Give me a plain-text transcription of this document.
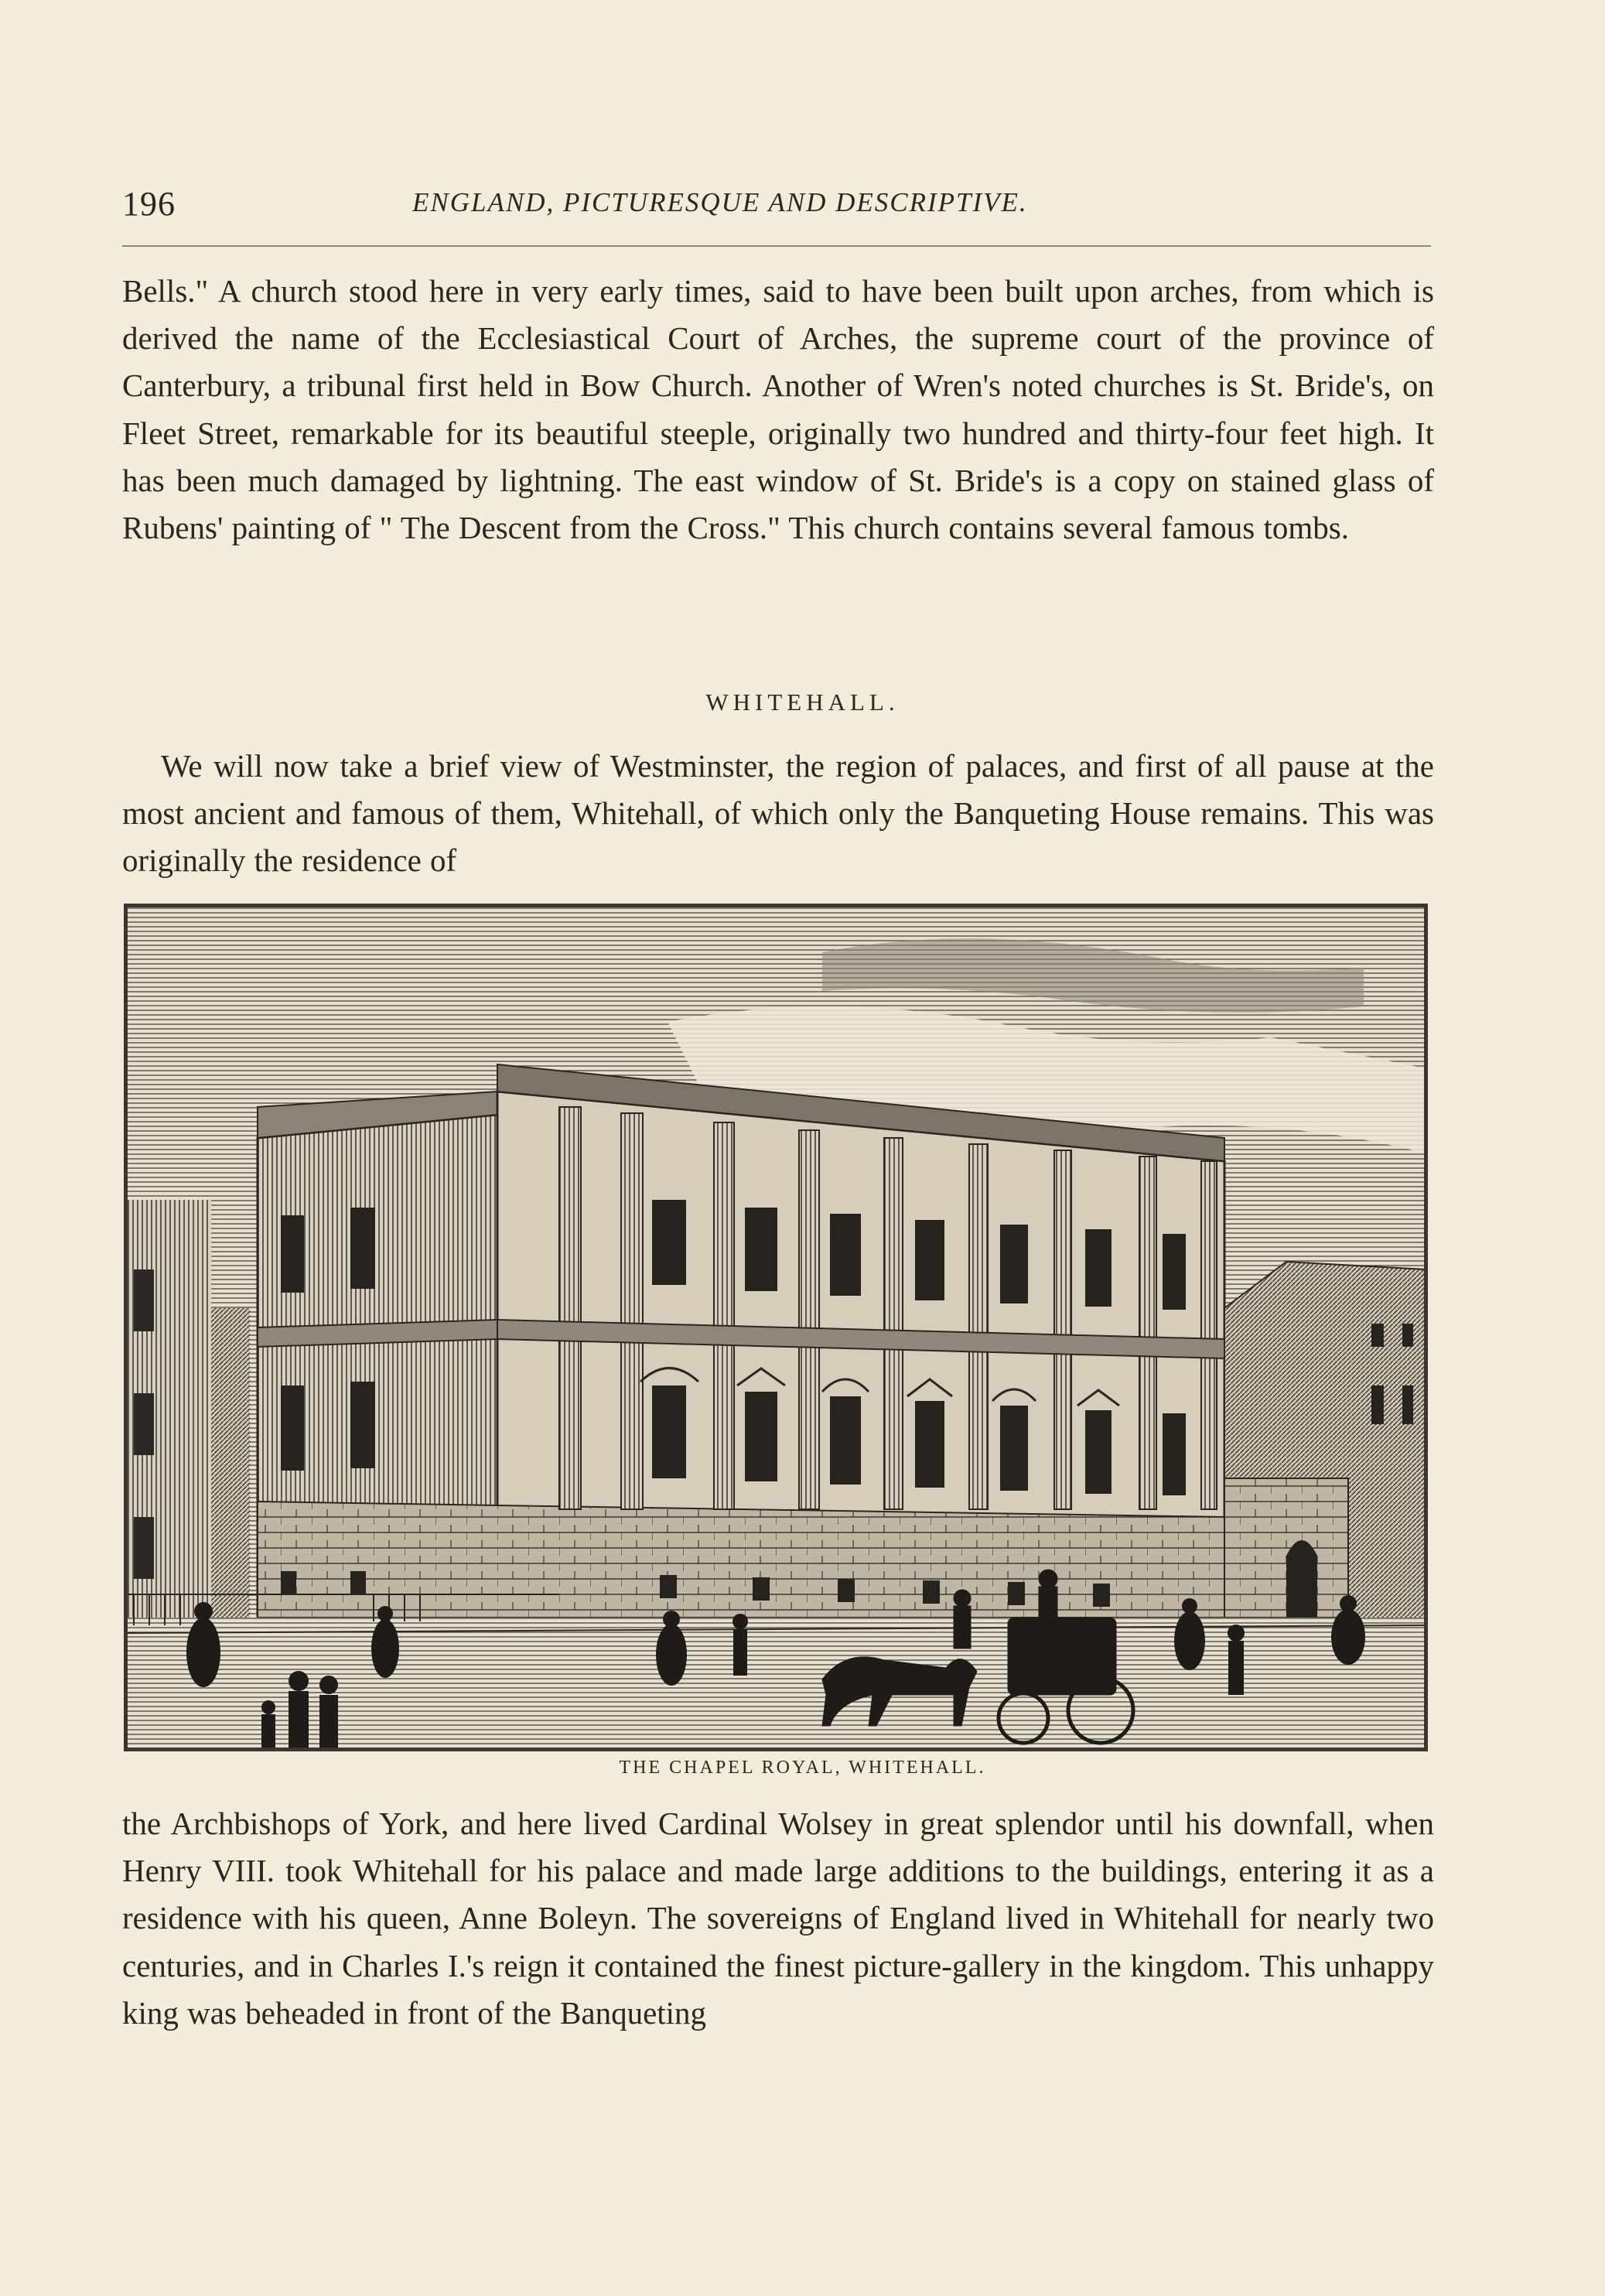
196	ENGLAND, PICTURESQUE AND DESCRIPTIVE.

Bells." A church stood here in very early times, said to have been built upon arches, from which is derived the name of the Ecclesiastical Court of Arches, the supreme court of the province of Canterbury, a tribunal first held in Bow Church. Another of Wren's noted churches is St. Bride's, on Fleet Street, remarkable for its beautiful steeple, originally two hundred and thirty-four feet high. It has been much damaged by lightning. The east window of St. Bride's is a copy on stained glass of Rubens' painting of " The Descent from the Cross." This church contains several famous tombs.

WHITEHALL.

We will now take a brief view of Westminster, the region of palaces, and first of all pause at the most ancient and famous of them, Whitehall, of which only the Banqueting House remains. This was originally the residence of

THE CHAPEL ROYAL, WHITEHALL.

the Archbishops of York, and here lived Cardinal Wolsey in great splendor until his downfall, when Henry VIII. took Whitehall for his palace and made large additions to the buildings, entering it as a residence with his queen, Anne Boleyn. The sovereigns of England lived in Whitehall for nearly two centuries, and in Charles I.'s reign it contained the finest picture-gallery in the kingdom. This unhappy king was beheaded in front of the Banqueting
